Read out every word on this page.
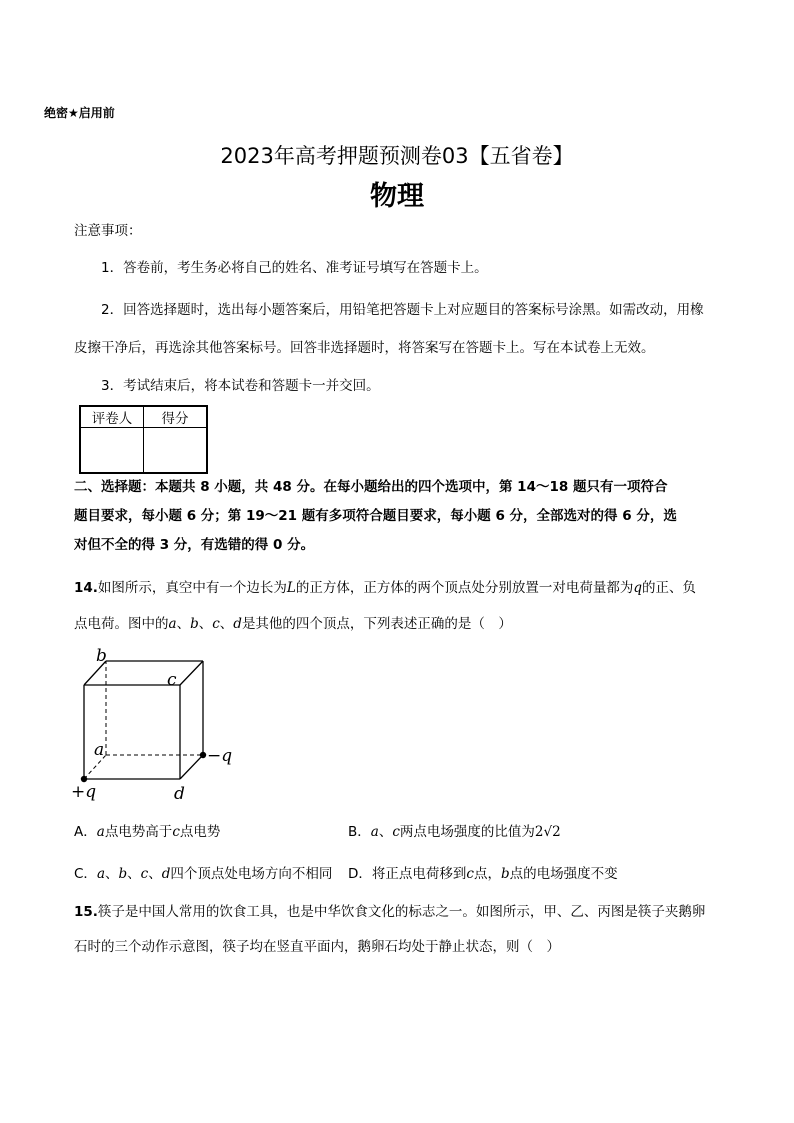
绝密★启用前
2023年高考押题预测卷03【五省卷】
物理
注意事项：
1．答卷前，考生务必将自己的姓名、准考证号填写在答题卡上。
2．回答选择题时，选出每小题答案后，用铅笔把答题卡上对应题目的答案标号涂黑。如需改动，用橡
皮擦干净后，再选涂其他答案标号。回答非选择题时，将答案写在答题卡上。写在本试卷上无效。
3．考试结束后，将本试卷和答题卡一并交回。
评卷人	得分

二、选择题：本题共 8 小题，共 48 分。在每小题给出的四个选项中，第 14～18 题只有一项符合
题目要求，每小题 6 分；第 19～21 题有多项符合题目要求，每小题 6 分，全部选对的得 6 分，选
对但不全的得 3 分，有选错的得 0 分。
14.如图所示，真空中有一个边长为L的正方体，正方体的两个顶点处分别放置一对电荷量都为q的正、负
点电荷。图中的a、b、c、d是其他的四个顶点，下列表述正确的是（　）
b
c
a
d
−q
+q
A．a点电势高于c点电势	B．a、c两点电场强度的比值为2√2
C．a、b、c、d四个顶点处电场方向不相同 D．将正点电荷移到c点，b点的电场强度不变
15.筷子是中国人常用的饮食工具，也是中华饮食文化的标志之一。如图所示，甲、乙、丙图是筷子夹鹅卵
石时的三个动作示意图，筷子均在竖直平面内，鹅卵石均处于静止状态，则（　）
